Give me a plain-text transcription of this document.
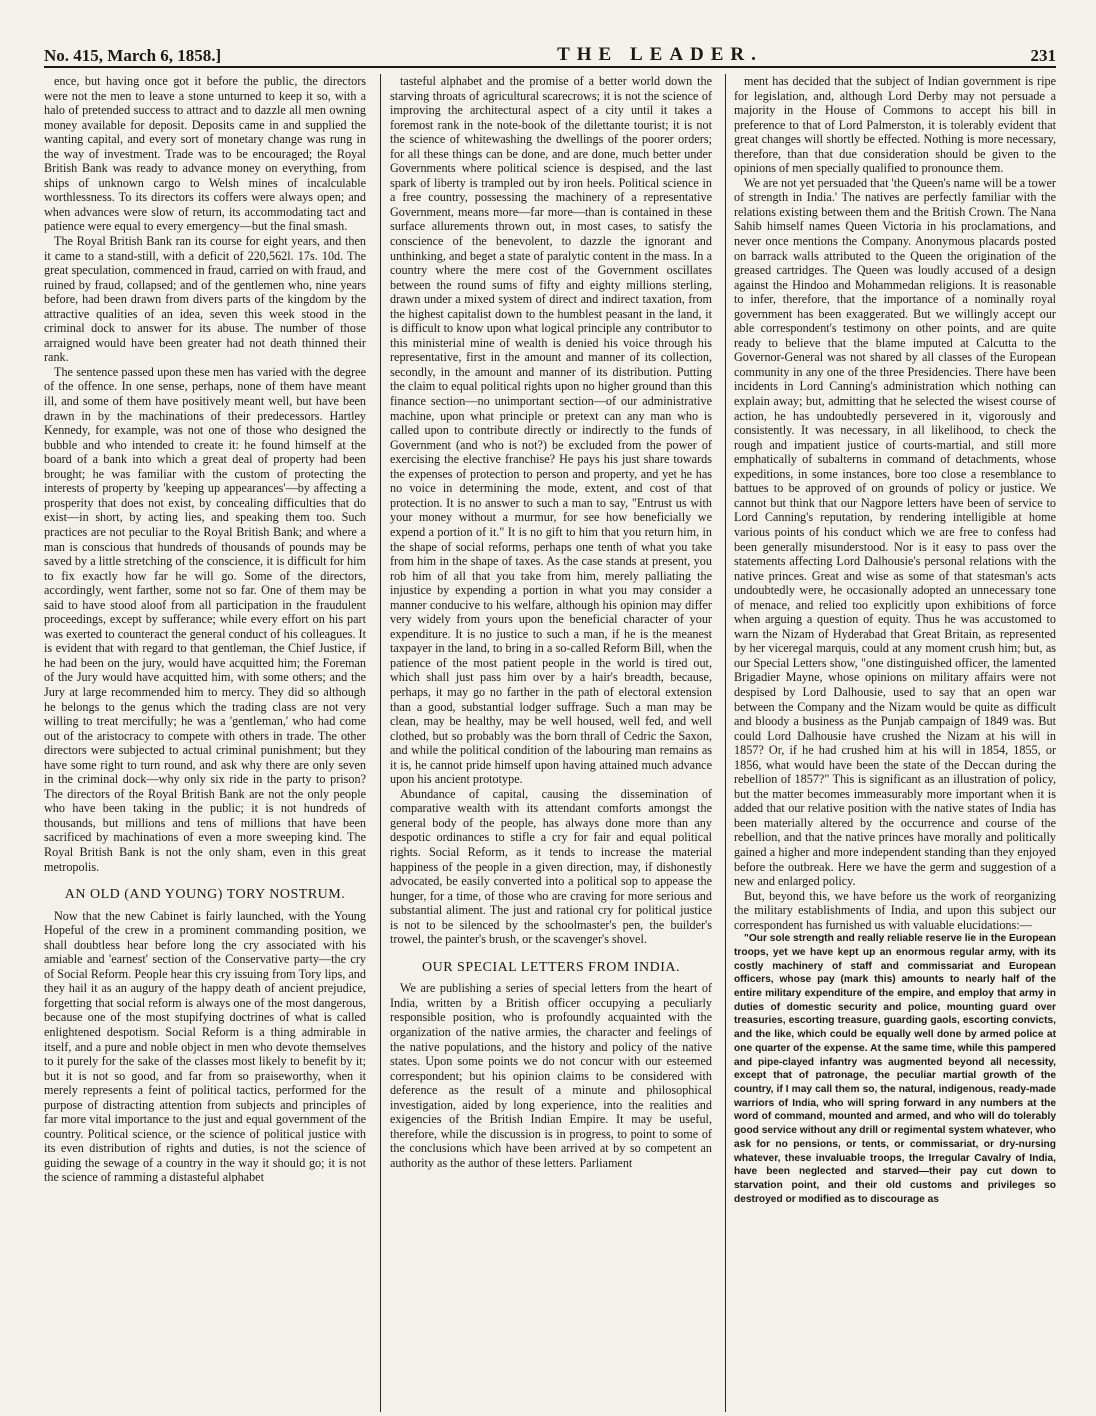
No. 415, March 6, 1858.]	THE LEADER.	231

ence, but having once got it before the public, the directors were not the men to leave a stone unturned to keep it so, with a halo of pretended success to attract and to dazzle all men owning money available for deposit. Deposits came in and supplied the wanting capital, and every sort of monetary change was rung in the way of investment. Trade was to be encouraged; the Royal British Bank was ready to advance money on everything, from ships of unknown cargo to Welsh mines of incalculable worthlessness. To its directors its coffers were always open; and when advances were slow of return, its accommodating tact and patience were equal to every emergency—but the final smash.

The Royal British Bank ran its course for eight years, and then it came to a stand-still, with a deficit of 220,562l. 17s. 10d. The great speculation, commenced in fraud, carried on with fraud, and ruined by fraud, collapsed; and of the gentlemen who, nine years before, had been drawn from divers parts of the kingdom by the attractive qualities of an idea, seven this week stood in the criminal dock to answer for its abuse. The number of those arraigned would have been greater had not death thinned their rank.

The sentence passed upon these men has varied with the degree of the offence. In one sense, perhaps, none of them have meant ill, and some of them have positively meant well, but have been drawn in by the machinations of their predecessors. Hartley Kennedy, for example, was not one of those who designed the bubble and who intended to create it: he found himself at the board of a bank into which a great deal of property had been brought; he was familiar with the custom of protecting the interests of property by 'keeping up appearances'—by affecting a prosperity that does not exist, by concealing difficulties that do exist—in short, by acting lies, and speaking them too. Such practices are not peculiar to the Royal British Bank; and where a man is conscious that hundreds of thousands of pounds may be saved by a little stretching of the conscience, it is difficult for him to fix exactly how far he will go. Some of the directors, accordingly, went farther, some not so far. One of them may be said to have stood aloof from all participation in the fraudulent proceedings, except by sufferance; while every effort on his part was exerted to counteract the general conduct of his colleagues. It is evident that with regard to that gentleman, the Chief Justice, if he had been on the jury, would have acquitted him; the Foreman of the Jury would have acquitted him, with some others; and the Jury at large recommended him to mercy. They did so although he belongs to the genus which the trading class are not very willing to treat mercifully; he was a 'gentleman,' who had come out of the aristocracy to compete with others in trade. The other directors were subjected to actual criminal punishment; but they have some right to turn round, and ask why there are only seven in the criminal dock—why only six ride in the party to prison? The directors of the Royal British Bank are not the only people who have been taking in the public; it is not hundreds of thousands, but millions and tens of millions that have been sacrificed by machinations of even a more sweeping kind. The Royal British Bank is not the only sham, even in this great metropolis.

AN OLD (AND YOUNG) TORY NOSTRUM.

Now that the new Cabinet is fairly launched, with the Young Hopeful of the crew in a prominent commanding position, we shall doubtless hear before long the cry associated with his amiable and 'earnest' section of the Conservative party—the cry of Social Reform. People hear this cry issuing from Tory lips, and they hail it as an augury of the happy death of ancient prejudice, forgetting that social reform is always one of the most dangerous, because one of the most stupifying doctrines of what is called enlightened despotism. Social Reform is a thing admirable in itself, and a pure and noble object in men who devote themselves to it purely for the sake of the classes most likely to benefit by it; but it is not so good, and far from so praiseworthy, when it merely represents a feint of political tactics, performed for the purpose of distracting attention from subjects and principles of far more vital importance to the just and equal government of the country. Political science, or the science of political justice with its even distribution of rights and duties, is not the science of guiding the sewage of a country in the way it should go; it is not the science of ramming a distasteful alphabet

tasteful alphabet and the promise of a better world down the starving throats of agricultural scarecrows; it is not the science of improving the architectural aspect of a city until it takes a foremost rank in the note-book of the dilettante tourist; it is not the science of whitewashing the dwellings of the poorer orders; for all these things can be done, and are done, much better under Governments where political science is despised, and the last spark of liberty is trampled out by iron heels. Political science in a free country, possessing the machinery of a representative Government, means more—far more—than is contained in these surface allurements thrown out, in most cases, to satisfy the conscience of the benevolent, to dazzle the ignorant and unthinking, and beget a state of paralytic content in the mass. In a country where the mere cost of the Government oscillates between the round sums of fifty and eighty millions sterling, drawn under a mixed system of direct and indirect taxation, from the highest capitalist down to the humblest peasant in the land, it is difficult to know upon what logical principle any contributor to this ministerial mine of wealth is denied his voice through his representative, first in the amount and manner of its collection, secondly, in the amount and manner of its distribution. Putting the claim to equal political rights upon no higher ground than this finance section—no unimportant section—of our administrative machine, upon what principle or pretext can any man who is called upon to contribute directly or indirectly to the funds of Government (and who is not?) be excluded from the power of exercising the elective franchise? He pays his just share towards the expenses of protection to person and property, and yet he has no voice in determining the mode, extent, and cost of that protection. It is no answer to such a man to say, "Entrust us with your money without a murmur, for see how beneficially we expend a portion of it." It is no gift to him that you return him, in the shape of social reforms, perhaps one tenth of what you take from him in the shape of taxes. As the case stands at present, you rob him of all that you take from him, merely palliating the injustice by expending a portion in what you may consider a manner conducive to his welfare, although his opinion may differ very widely from yours upon the beneficial character of your expenditure. It is no justice to such a man, if he is the meanest taxpayer in the land, to bring in a so-called Reform Bill, when the patience of the most patient people in the world is tired out, which shall just pass him over by a hair's breadth, because, perhaps, it may go no farther in the path of electoral extension than a good, substantial lodger suffrage. Such a man may be clean, may be healthy, may be well housed, well fed, and well clothed, but so probably was the born thrall of Cedric the Saxon, and while the political condition of the labouring man remains as it is, he cannot pride himself upon having attained much advance upon his ancient prototype.

Abundance of capital, causing the dissemination of comparative wealth with its attendant comforts amongst the general body of the people, has always done more than any despotic ordinances to stifle a cry for fair and equal political rights. Social Reform, as it tends to increase the material happiness of the people in a given direction, may, if dishonestly advocated, be easily converted into a political sop to appease the hunger, for a time, of those who are craving for more serious and substantial aliment. The just and rational cry for political justice is not to be silenced by the schoolmaster's pen, the builder's trowel, the painter's brush, or the scavenger's shovel.

OUR SPECIAL LETTERS FROM INDIA.

We are publishing a series of special letters from the heart of India, written by a British officer occupying a peculiarly responsible position, who is profoundly acquainted with the organization of the native armies, the character and feelings of the native populations, and the history and policy of the native states. Upon some points we do not concur with our esteemed correspondent; but his opinion claims to be considered with deference as the result of a minute and philosophical investigation, aided by long experience, into the realities and exigencies of the British Indian Empire. It may be useful, therefore, while the discussion is in progress, to point to some of the conclusions which have been arrived at by so competent an authority as the author of these letters. Parliament

ment has decided that the subject of Indian government is ripe for legislation, and, although Lord Derby may not persuade a majority in the House of Commons to accept his bill in preference to that of Lord Palmerston, it is tolerably evident that great changes will shortly be effected. Nothing is more necessary, therefore, than that due consideration should be given to the opinions of men specially qualified to pronounce them.

We are not yet persuaded that 'the Queen's name will be a tower of strength in India.' The natives are perfectly familiar with the relations existing between them and the British Crown. The Nana Sahib himself names Queen Victoria in his proclamations, and never once mentions the Company. Anonymous placards posted on barrack walls attributed to the Queen the origination of the greased cartridges. The Queen was loudly accused of a design against the Hindoo and Mohammedan religions. It is reasonable to infer, therefore, that the importance of a nominally royal government has been exaggerated. But we willingly accept our able correspondent's testimony on other points, and are quite ready to believe that the blame imputed at Calcutta to the Governor-General was not shared by all classes of the European community in any one of the three Presidencies. There have been incidents in Lord Canning's administration which nothing can explain away; but, admitting that he selected the wisest course of action, he has undoubtedly persevered in it, vigorously and consistently. It was necessary, in all likelihood, to check the rough and impatient justice of courts-martial, and still more emphatically of subalterns in command of detachments, whose expeditions, in some instances, bore too close a resemblance to battues to be approved of on grounds of policy or justice. We cannot but think that our Nagpore letters have been of service to Lord Canning's reputation, by rendering intelligible at home various points of his conduct which we are free to confess had been generally misunderstood. Nor is it easy to pass over the statements affecting Lord Dalhousie's personal relations with the native princes. Great and wise as some of that statesman's acts undoubtedly were, he occasionally adopted an unnecessary tone of menace, and relied too explicitly upon exhibitions of force when arguing a question of equity. Thus he was accustomed to warn the Nizam of Hyderabad that Great Britain, as represented by her viceregal marquis, could at any moment crush him; but, as our Special Letters show, "one distinguished officer, the lamented Brigadier Mayne, whose opinions on military affairs were not despised by Lord Dalhousie, used to say that an open war between the Company and the Nizam would be quite as difficult and bloody a business as the Punjab campaign of 1849 was. But could Lord Dalhousie have crushed the Nizam at his will in 1857? Or, if he had crushed him at his will in 1854, 1855, or 1856, what would have been the state of the Deccan during the rebellion of 1857?" This is significant as an illustration of policy, but the matter becomes immeasurably more important when it is added that our relative position with the native states of India has been materially altered by the occurrence and course of the rebellion, and that the native princes have morally and politically gained a higher and more independent standing than they enjoyed before the outbreak. Here we have the germ and suggestion of a new and enlarged policy.

But, beyond this, we have before us the work of reorganizing the military establishments of India, and upon this subject our correspondent has furnished us with valuable elucidations:—

"Our sole strength and really reliable reserve lie in the European troops, yet we have kept up an enormous regular army, with its costly machinery of staff and commissariat and European officers, whose pay (mark this) amounts to nearly half of the entire military expenditure of the empire, and employ that army in duties of domestic security and police, mounting guard over treasuries, escorting treasure, guarding gaols, escorting convicts, and the like, which could be equally well done by armed police at one quarter of the expense. At the same time, while this pampered and pipe-clayed infantry was augmented beyond all necessity, except that of patronage, the peculiar martial growth of the country, if I may call them so, the natural, indigenous, ready-made warriors of India, who will spring forward in any numbers at the word of command, mounted and armed, and who will do tolerably good service without any drill or regimental system whatever, who ask for no pensions, or tents, or commissariat, or dry-nursing whatever, these invaluable troops, the Irregular Cavalry of India, have been neglected and starved—their pay cut down to starvation point, and their old customs and privileges so destroyed or modified as to discourage as
